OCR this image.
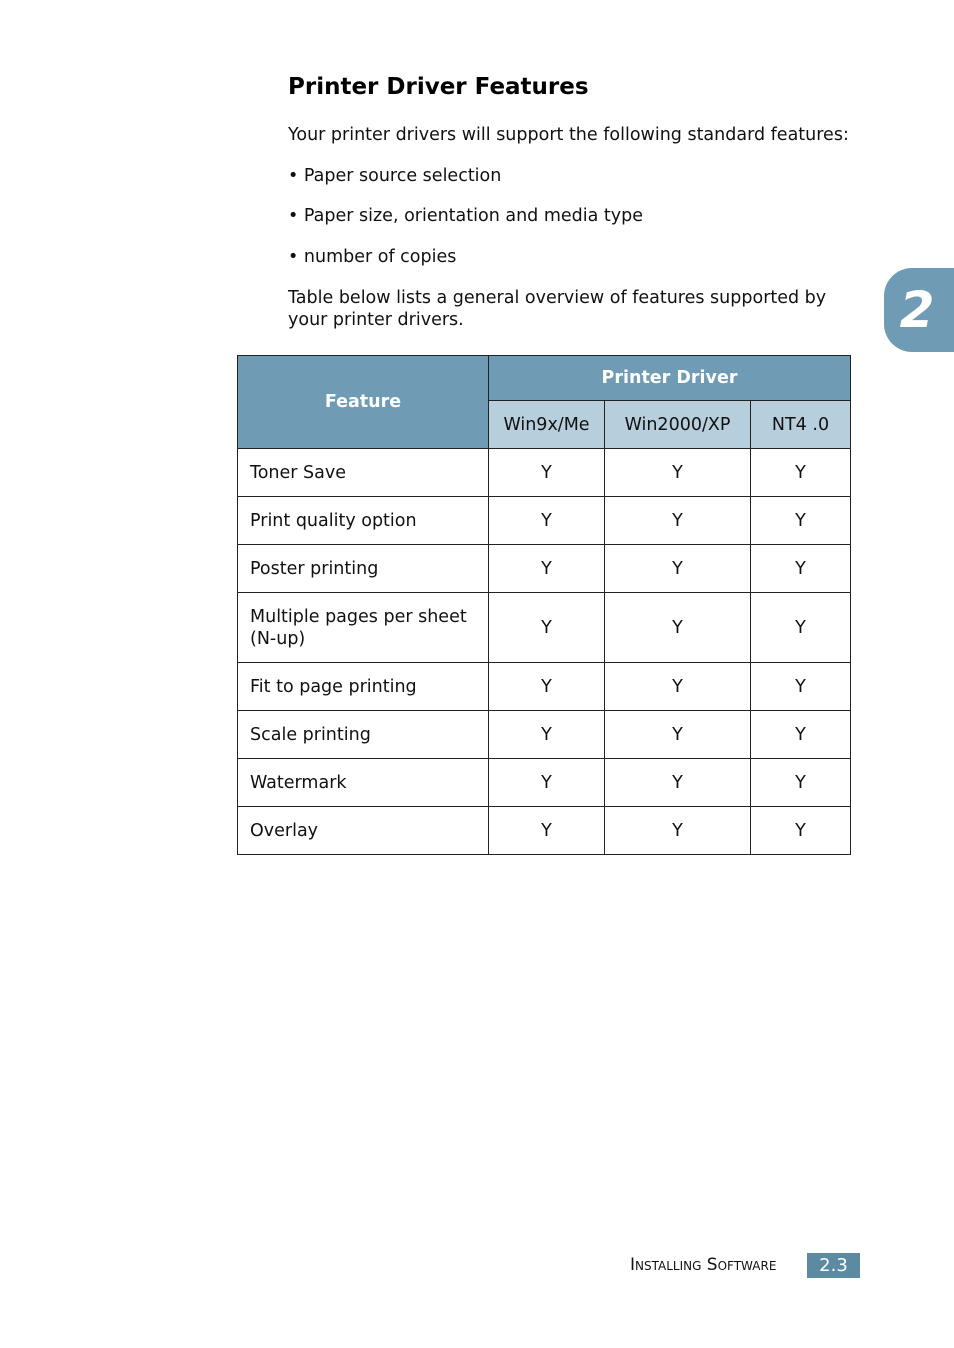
Printer Driver Features

Your printer drivers will support the following standard features:

• Paper source selection

• Paper size, orientation and media type

• number of copies

Table below lists a general overview of features supported by your printer drivers.	2
Feature	Printer Driver		
	Win9x/Me	Win2000/XP	NT4 .0
Toner Save	Y	Y	Y
Print quality option	Y	Y	Y
Poster printing	Y	Y	Y
Multiple pages per sheet (N-up)	Y	Y	Y
Fit to page printing	Y	Y	Y
Scale printing	Y	Y	Y
Watermark	Y	Y	Y
Overlay	Y	Y	Y
Installing Software	2.3
